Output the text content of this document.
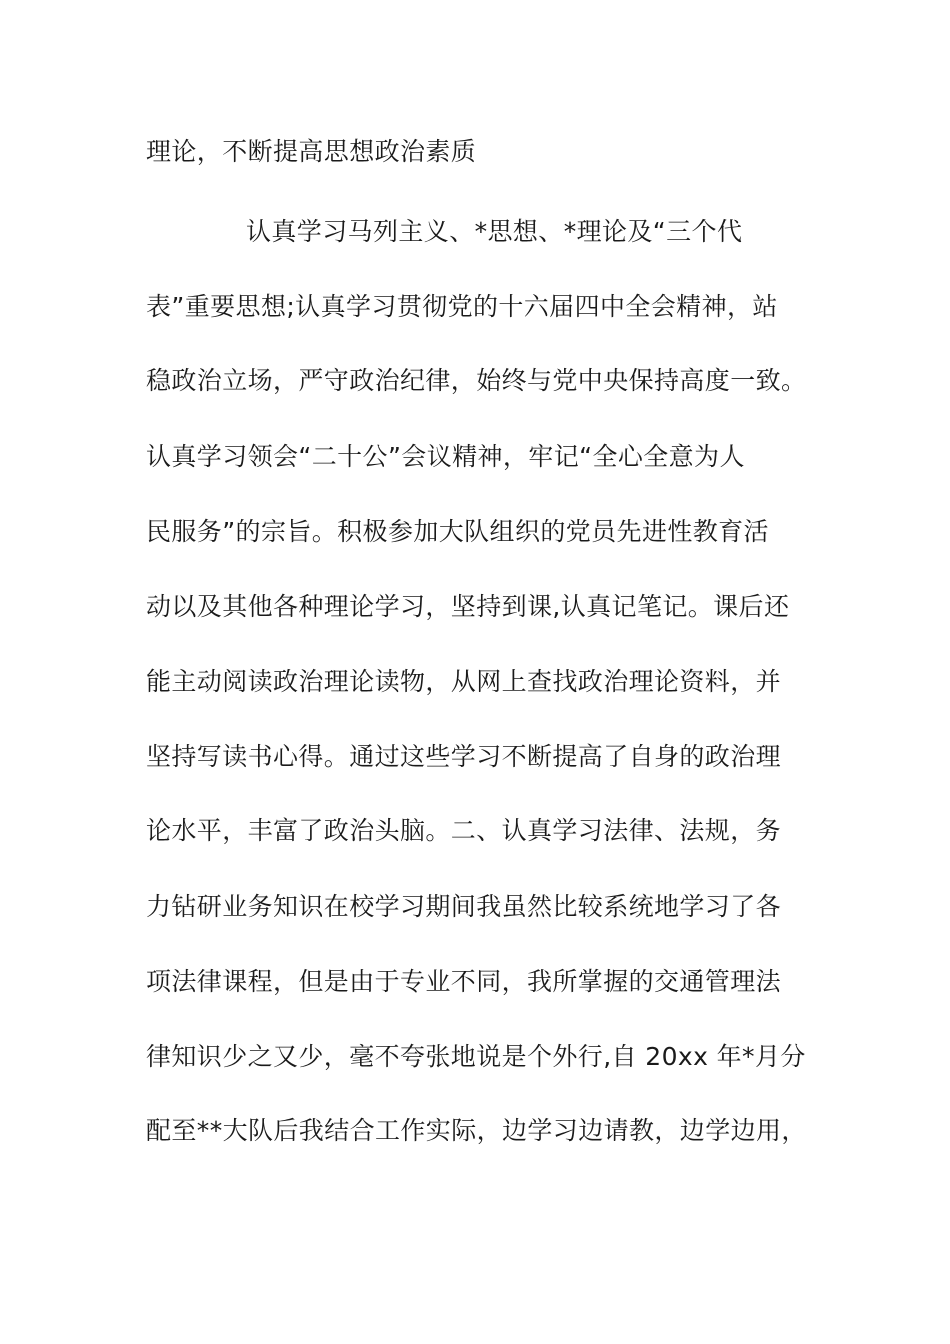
理论，不断提高思想政治素质
认真学习马列主义、*思想、*理论及“三个代
表”重要思想;认真学习贯彻党的十六届四中全会精神，站
稳政治立场，严守政治纪律，始终与党中央保持高度一致。
认真学习领会“二十公”会议精神，牢记“全心全意为人
民服务”的宗旨。积极参加大队组织的党员先进性教育活
动以及其他各种理论学习，坚持到课,认真记笔记。课后还
能主动阅读政治理论读物，从网上查找政治理论资料，并
坚持写读书心得。通过这些学习不断提高了自身的政治理
论水平，丰富了政治头脑。二、认真学习法律、法规，务
力钻研业务知识在校学习期间我虽然比较系统地学习了各
项法律课程，但是由于专业不同，我所掌握的交通管理法
律知识少之又少，毫不夸张地说是个外行,自 20xx 年*月分
配至**大队后我结合工作实际，边学习边请教，边学边用，
